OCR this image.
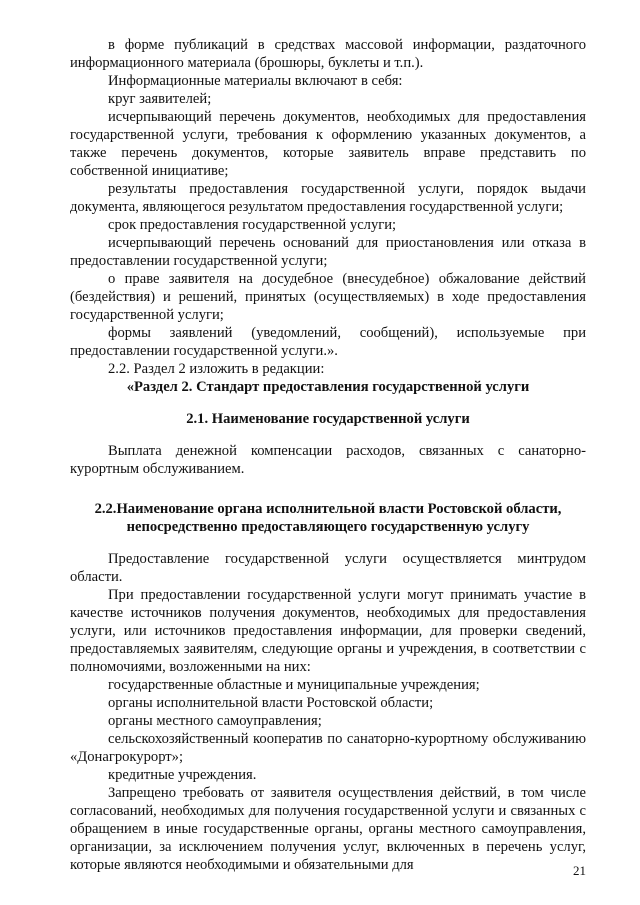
в форме публикаций в средствах массовой информации, раздаточного информационного материала (брошюры, буклеты и т.п.).

Информационные материалы включают в себя:

круг заявителей;

исчерпывающий перечень документов, необходимых для предоставления государственной услуги, требования к оформлению указанных документов, а также перечень документов, которые заявитель вправе представить по собственной инициативе;

результаты предоставления государственной услуги, порядок выдачи документа, являющегося результатом предоставления государственной услуги;

срок предоставления государственной услуги;

исчерпывающий перечень оснований для приостановления или отказа в предоставлении государственной услуги;

о праве заявителя на досудебное (внесудебное) обжалование действий (бездействия) и решений, принятых (осуществляемых) в ходе предоставления государственной услуги;

формы заявлений (уведомлений, сообщений), используемые при предоставлении государственной услуги.».

2.2. Раздел 2 изложить в редакции:

«Раздел 2. Стандарт предоставления государственной услуги

2.1. Наименование государственной услуги

Выплата денежной компенсации расходов, связанных с санаторно-курортным обслуживанием.

2.2.Наименование органа исполнительной власти Ростовской области, непосредственно предоставляющего государственную услугу

Предоставление государственной услуги осуществляется минтрудом области.

При предоставлении государственной услуги могут принимать участие в качестве источников получения документов, необходимых для предоставления услуги, или источников предоставления информации, для проверки сведений, предоставляемых заявителям, следующие органы и учреждения, в соответствии с полномочиями, возложенными на них:

государственные областные и муниципальные учреждения;

органы исполнительной власти Ростовской области;

органы местного самоуправления;

сельскохозяйственный кооператив по санаторно-курортному обслуживанию «Донагрокурорт»;

кредитные учреждения.

Запрещено требовать от заявителя осуществления действий, в том числе согласований, необходимых для получения государственной услуги и связанных с обращением в иные государственные органы, органы местного самоуправления, организации, за исключением получения услуг, включенных в перечень услуг, которые являются необходимыми и обязательными для	21
